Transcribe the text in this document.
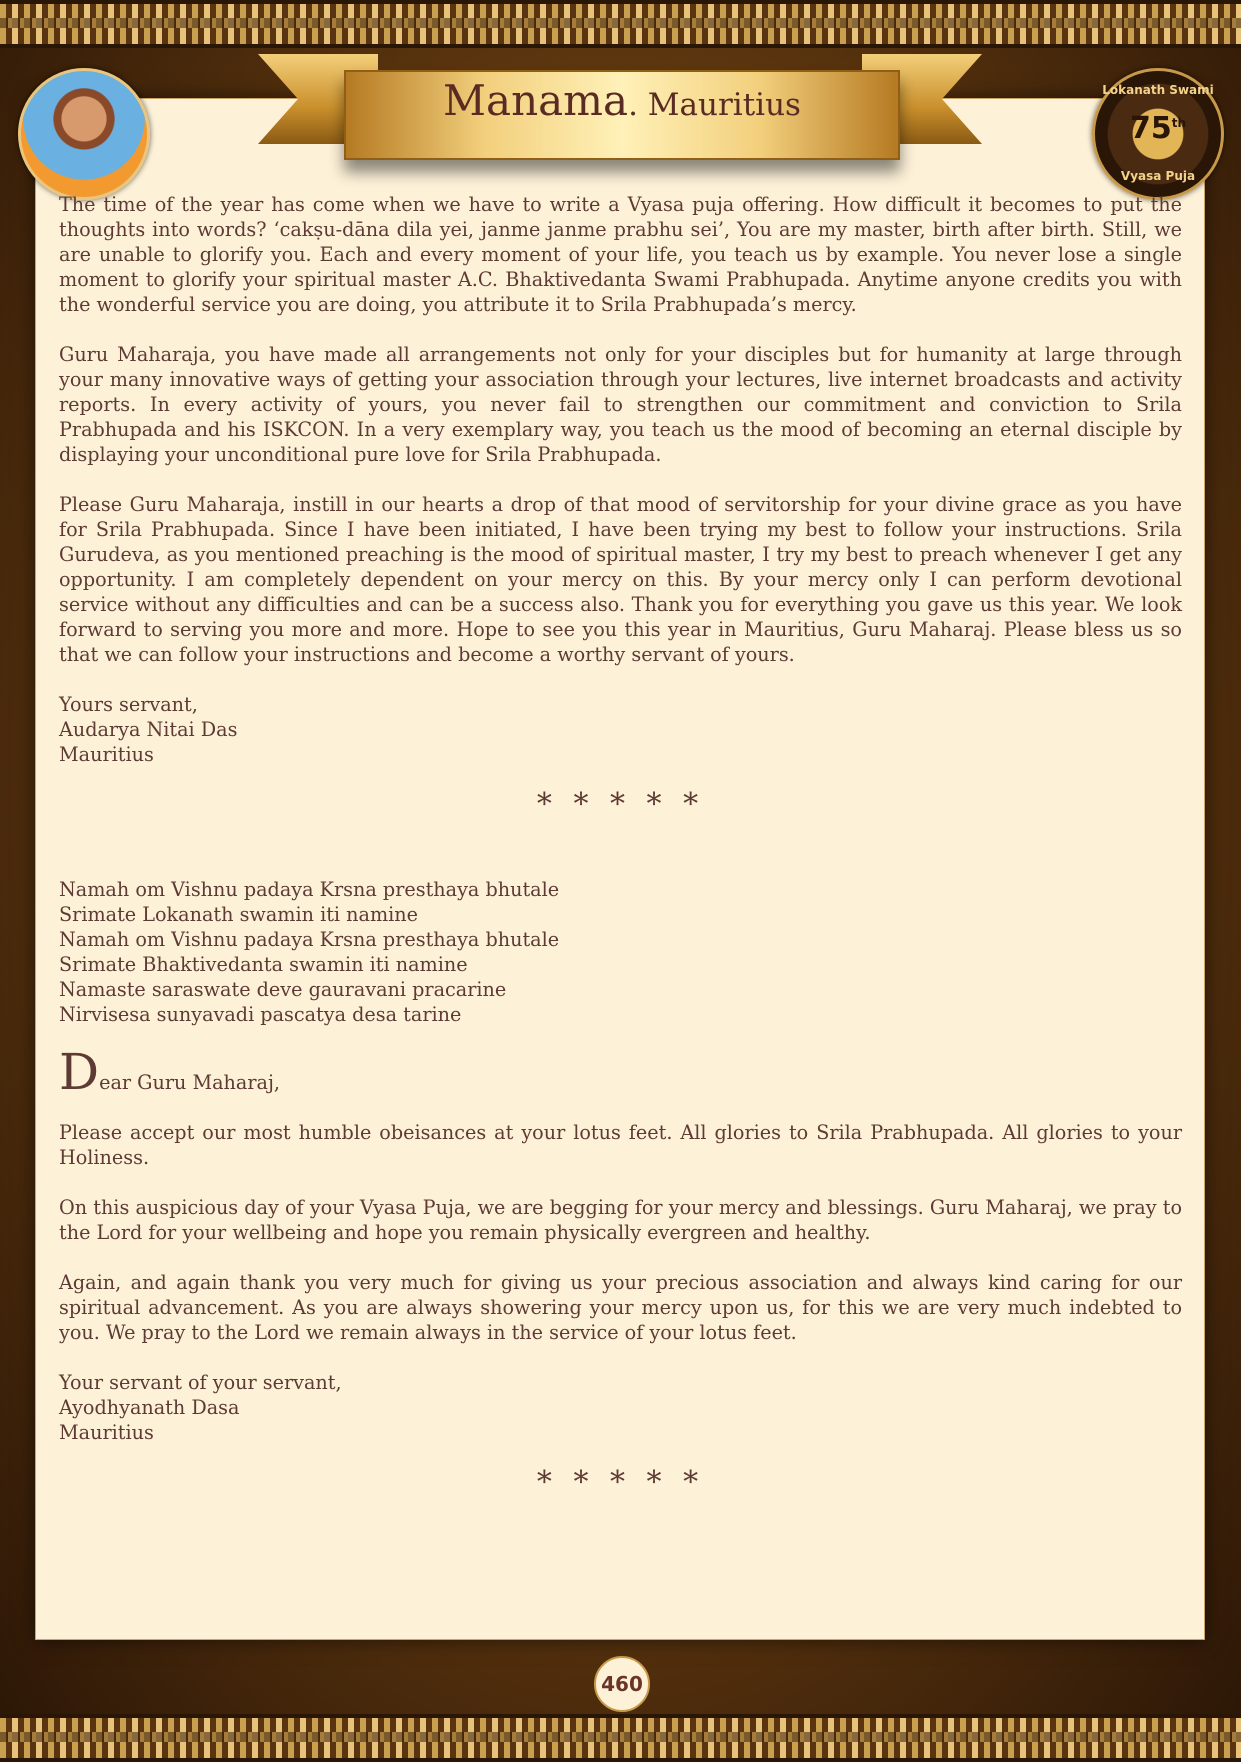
Lokanath Swami
75th
Vyasa Puja
Manama. Mauritius

The time of the year has come when we have to write a Vyasa puja offering. How difficult it becomes to put the thoughts into words? ‘cakṣu-dāna dila yei, janme janme prabhu sei’, You are my master, birth after birth. Still, we are unable to glorify you. Each and every moment of your life, you teach us by example. You never lose a single moment to glorify your spiritual master A.C. Bhaktivedanta Swami Prabhupada. Anytime anyone credits you with the wonderful service you are doing, you attribute it to Srila Prabhupada’s mercy.

Guru Maharaja, you have made all arrangements not only for your disciples but for humanity at large through your many innovative ways of getting your association through your lectures, live internet broadcasts and activity reports. In every activity of yours, you never fail to strengthen our commitment and conviction to Srila Prabhupada and his ISKCON. In a very exemplary way, you teach us the mood of becoming an eternal disciple by displaying your unconditional pure love for Srila Prabhupada.

Please Guru Maharaja, instill in our hearts a drop of that mood of servitorship for your divine grace as you have for Srila Prabhupada. Since I have been initiated, I have been trying my best to follow your instructions. Srila Gurudeva, as you mentioned preaching is the mood of spiritual master, I try my best to preach whenever I get any opportunity. I am completely dependent on your mercy on this. By your mercy only I can perform devotional service without any difficulties and can be a success also. Thank you for everything you gave us this year. We look forward to serving you more and more. Hope to see you this year in Mauritius, Guru Maharaj. Please bless us so that we can follow your instructions and become a worthy servant of yours.

Yours servant,

Audarya Nitai Das

Mauritius

* * * * *

Namah om Vishnu padaya Krsna presthaya bhutale

Srimate Lokanath swamin iti namine

Namah om Vishnu padaya Krsna presthaya bhutale

Srimate Bhaktivedanta swamin iti namine

Namaste saraswate deve gauravani pracarine

Nirvisesa sunyavadi pascatya desa tarine

Dear Guru Maharaj,

Please accept our most humble obeisances at your lotus feet. All glories to Srila Prabhupada. All glories to your Holiness.

On this auspicious day of your Vyasa Puja, we are begging for your mercy and blessings. Guru Maharaj, we pray to the Lord for your wellbeing and hope you remain physically evergreen and healthy.

Again, and again thank you very much for giving us your precious association and always kind caring for our spiritual advancement. As you are always showering your mercy upon us, for this we are very much indebted to you. We pray to the Lord we remain always in the service of your lotus feet.

Your servant of your servant,

Ayodhyanath Dasa

Mauritius

* * * * *
460
